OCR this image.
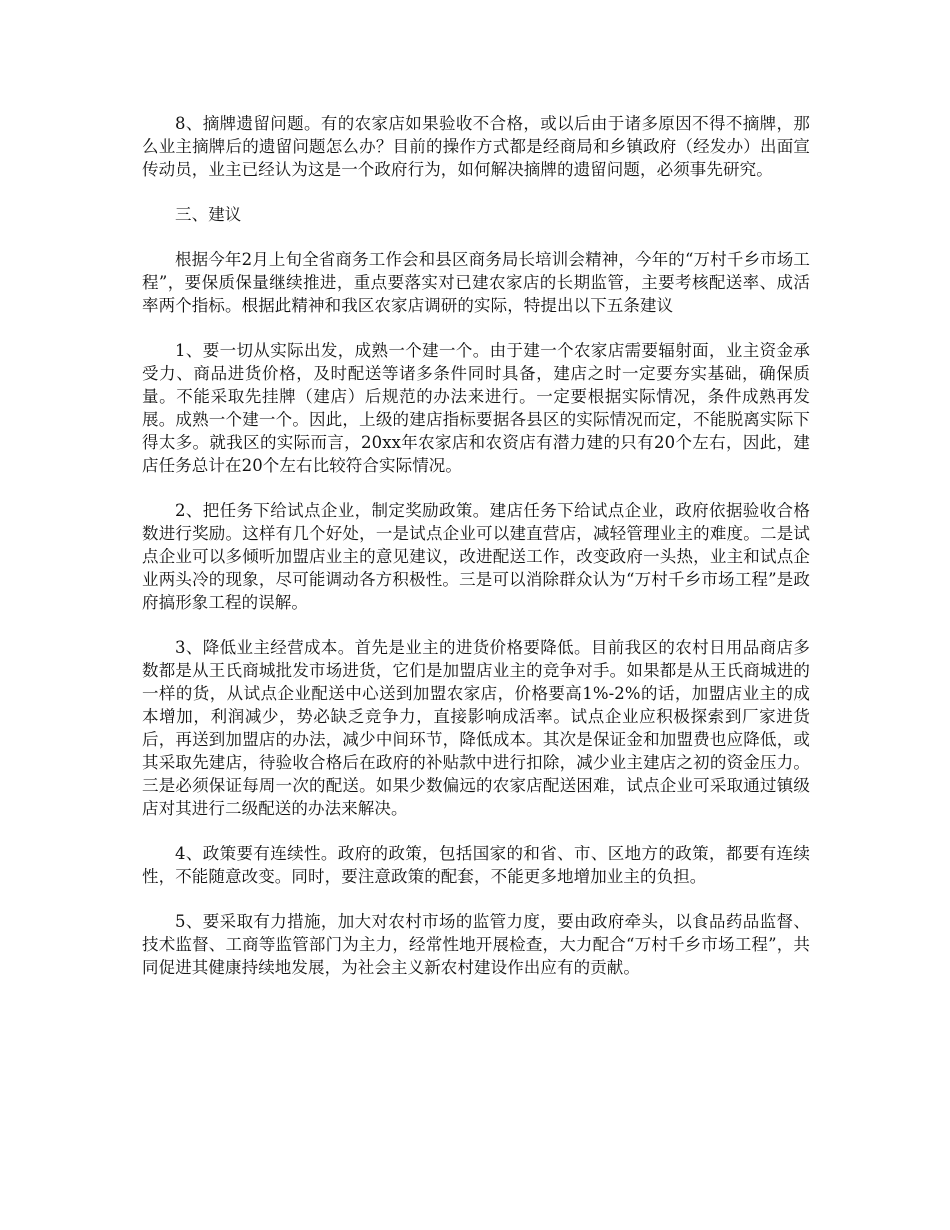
8、摘牌遗留问题。有的农家店如果验收不合格，或以后由于诸多原因不得不摘牌，那么业主摘牌后的遗留问题怎么办？目前的操作方式都是经商局和乡镇政府（经发办）出面宣传动员，业主已经认为这是一个政府行为，如何解决摘牌的遗留问题，必须事先研究。

三、建议

根据今年2月上旬全省商务工作会和县区商务局长培训会精神，今年的“万村千乡市场工程”，要保质保量继续推进，重点要落实对已建农家店的长期监管，主要考核配送率、成活率两个指标。根据此精神和我区农家店调研的实际，特提出以下五条建议

1、要一切从实际出发，成熟一个建一个。由于建一个农家店需要辐射面，业主资金承受力、商品进货价格，及时配送等诸多条件同时具备，建店之时一定要夯实基础，确保质量。不能采取先挂牌（建店）后规范的办法来进行。一定要根据实际情况，条件成熟再发展。成熟一个建一个。因此，上级的建店指标要据各县区的实际情况而定，不能脱离实际下得太多。就我区的实际而言，20xx年农家店和农资店有潜力建的只有20个左右，因此，建店任务总计在20个左右比较符合实际情况。

2、把任务下给试点企业，制定奖励政策。建店任务下给试点企业，政府依据验收合格数进行奖励。这样有几个好处，一是试点企业可以建直营店，减轻管理业主的难度。二是试点企业可以多倾听加盟店业主的意见建议，改进配送工作，改变政府一头热，业主和试点企业两头冷的现象，尽可能调动各方积极性。三是可以消除群众认为“万村千乡市场工程”是政府搞形象工程的误解。

3、降低业主经营成本。首先是业主的进货价格要降低。目前我区的农村日用品商店多数都是从王氏商城批发市场进货，它们是加盟店业主的竞争对手。如果都是从王氏商城进的一样的货，从试点企业配送中心送到加盟农家店，价格要高1%-2%的话，加盟店业主的成本增加，利润减少，势必缺乏竞争力，直接影响成活率。试点企业应积极探索到厂家进货后，再送到加盟店的办法，减少中间环节，降低成本。其次是保证金和加盟费也应降低，或其采取先建店，待验收合格后在政府的补贴款中进行扣除，减少业主建店之初的资金压力。三是必须保证每周一次的配送。如果少数偏远的农家店配送困难，试点企业可采取通过镇级店对其进行二级配送的办法来解决。

4、政策要有连续性。政府的政策，包括国家的和省、市、区地方的政策，都要有连续性，不能随意改变。同时，要注意政策的配套，不能更多地增加业主的负担。

5、要采取有力措施，加大对农村市场的监管力度，要由政府牵头，以食品药品监督、技术监督、工商等监管部门为主力，经常性地开展检查，大力配合“万村千乡市场工程”，共同促进其健康持续地发展，为社会主义新农村建设作出应有的贡献。
